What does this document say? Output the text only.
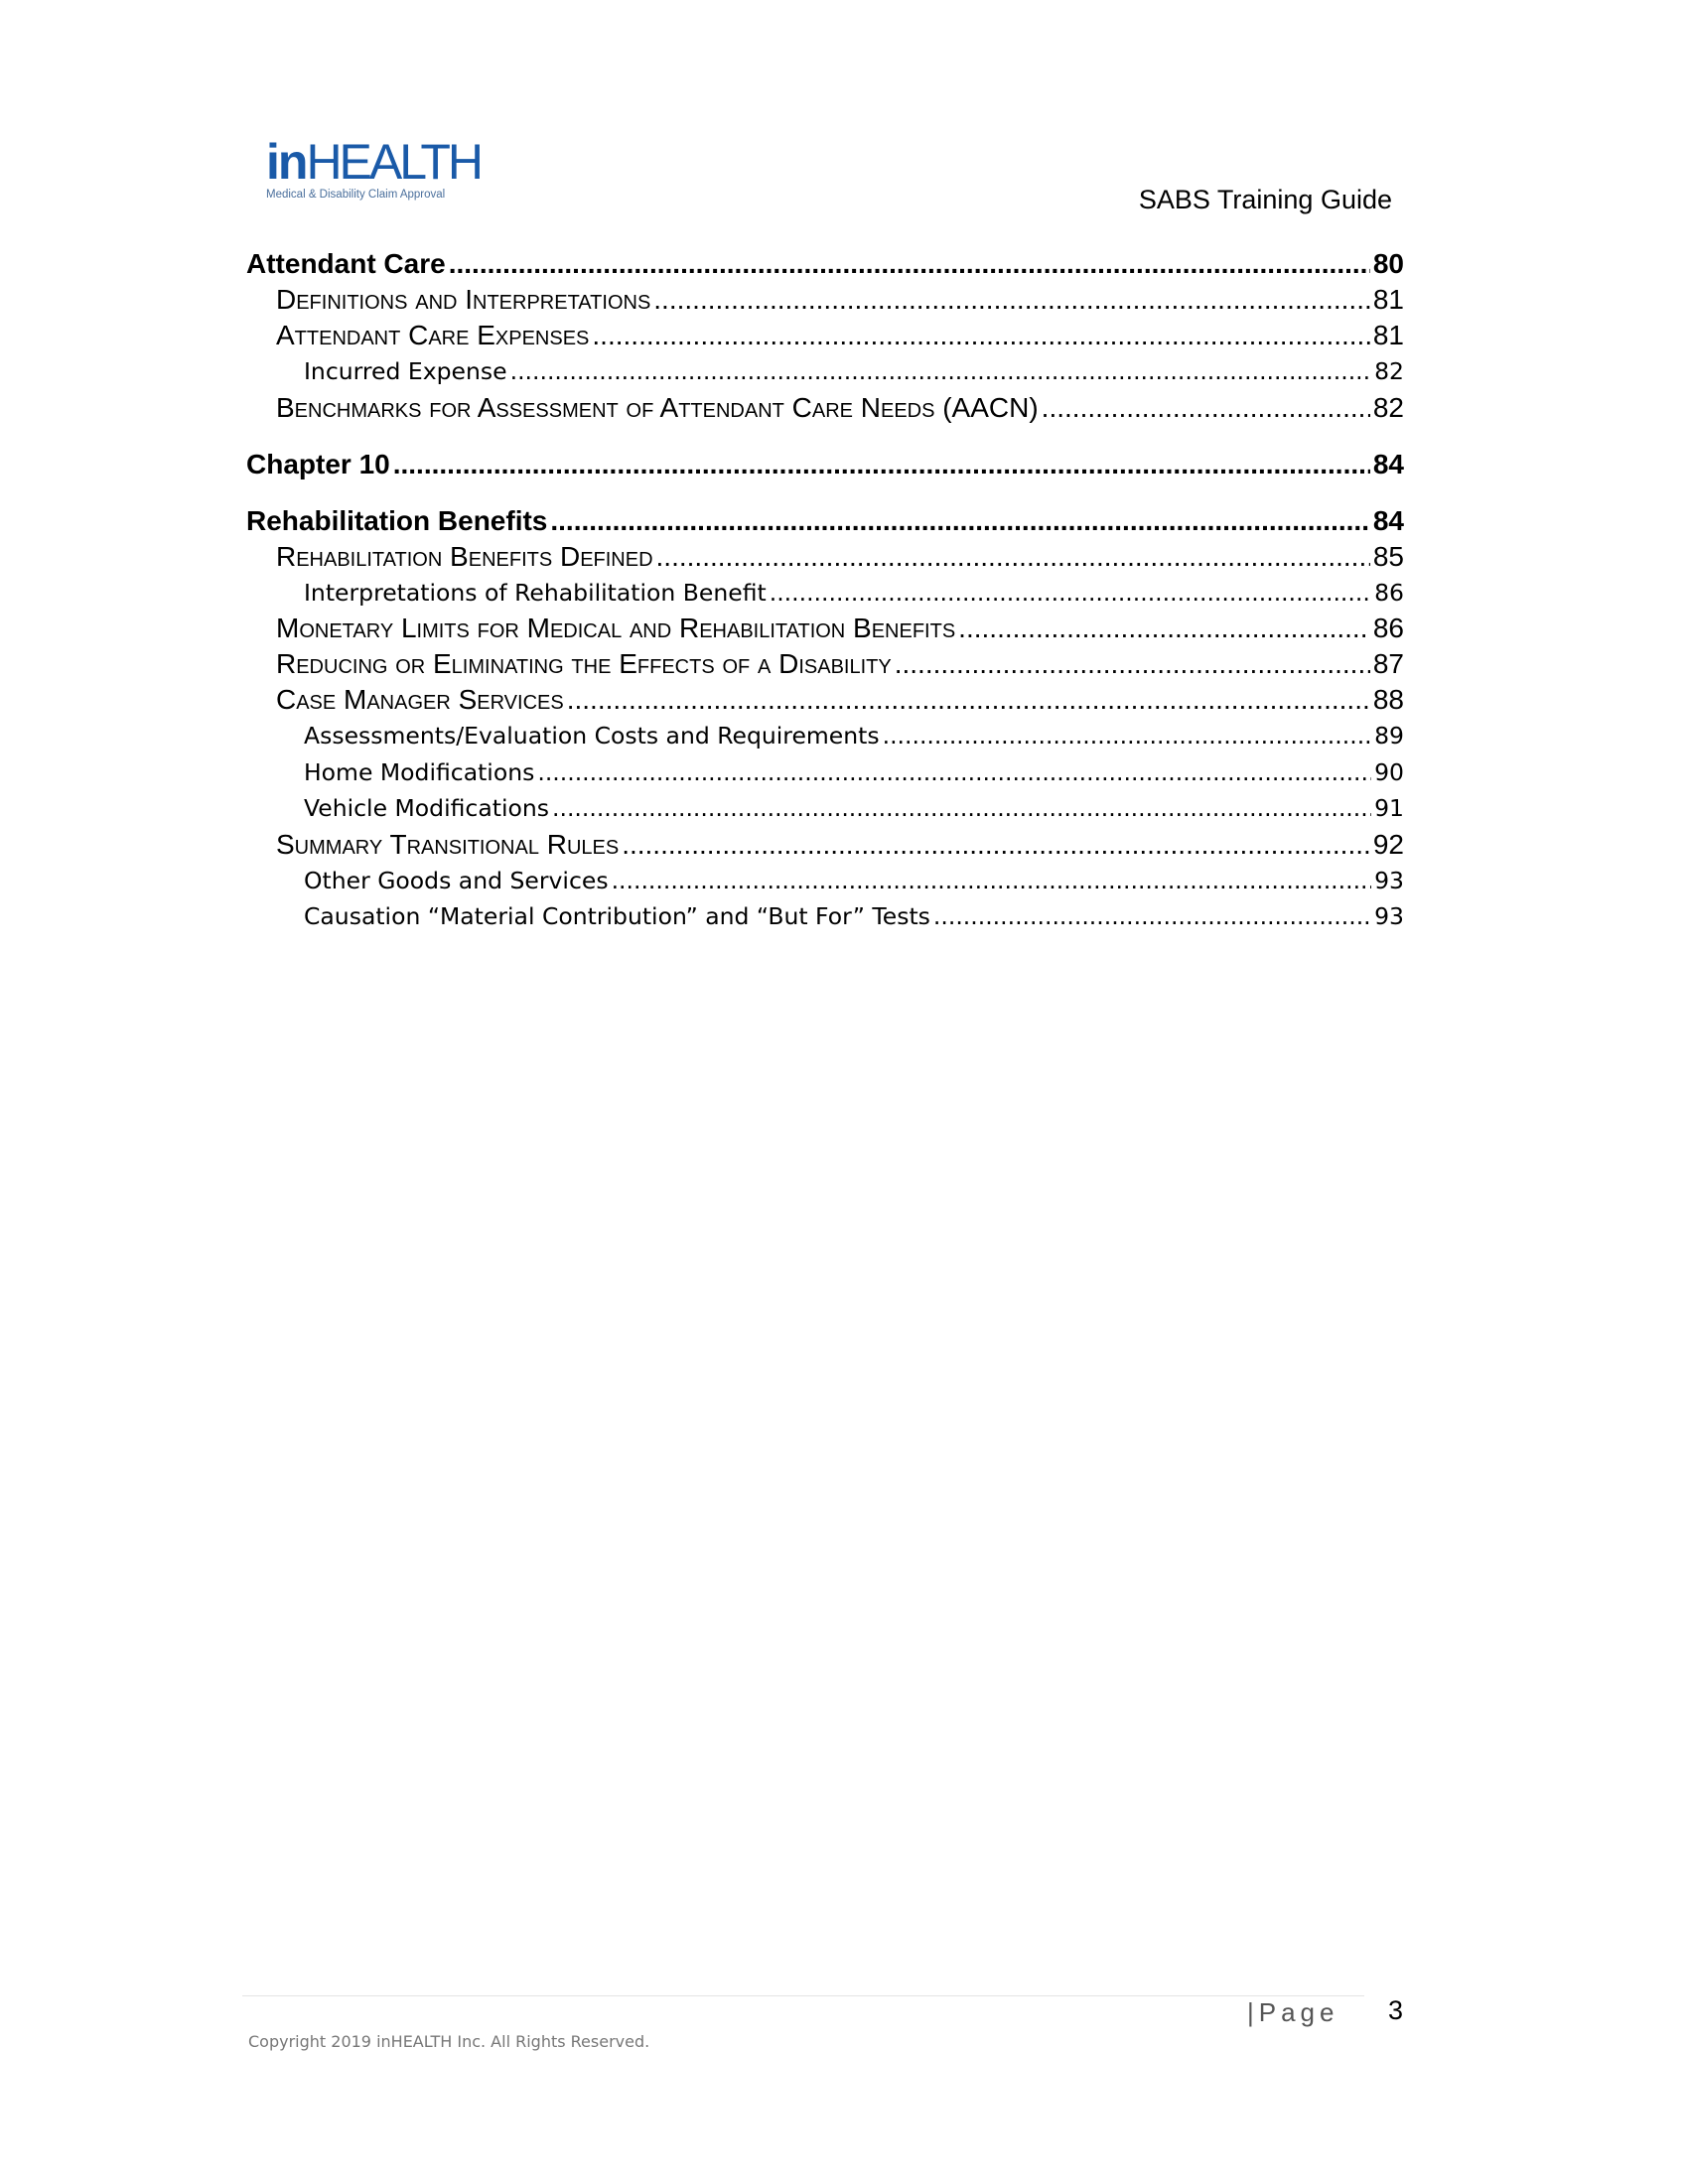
inHEALTH
Medical & Disability Claim Approval	SABS Training Guide
Attendant Care .....	80
Definitions and Interpretations .....	81
Attendant Care Expenses .....	81
Incurred Expense .....	82
Benchmarks for Assessment of Attendant Care Needs (AACN) .....	82
Chapter 10 .....	84
Rehabilitation Benefits .....	84
Rehabilitation Benefits Defined .....	85
Interpretations of Rehabilitation Benefit .....	86
Monetary Limits for Medical and Rehabilitation Benefits .....	86
Reducing or Eliminating the Effects of a Disability .....	87
Case Manager Services .....	88
Assessments/Evaluation Costs and Requirements .....	89
Home Modifications .....	90
Vehicle Modifications .....	91
Summary Transitional Rules .....	92
Other Goods and Services .....	93
Causation “Material Contribution” and “But For” Tests .....	93
|Page 3
Copyright 2019 inHEALTH Inc. All Rights Reserved.
